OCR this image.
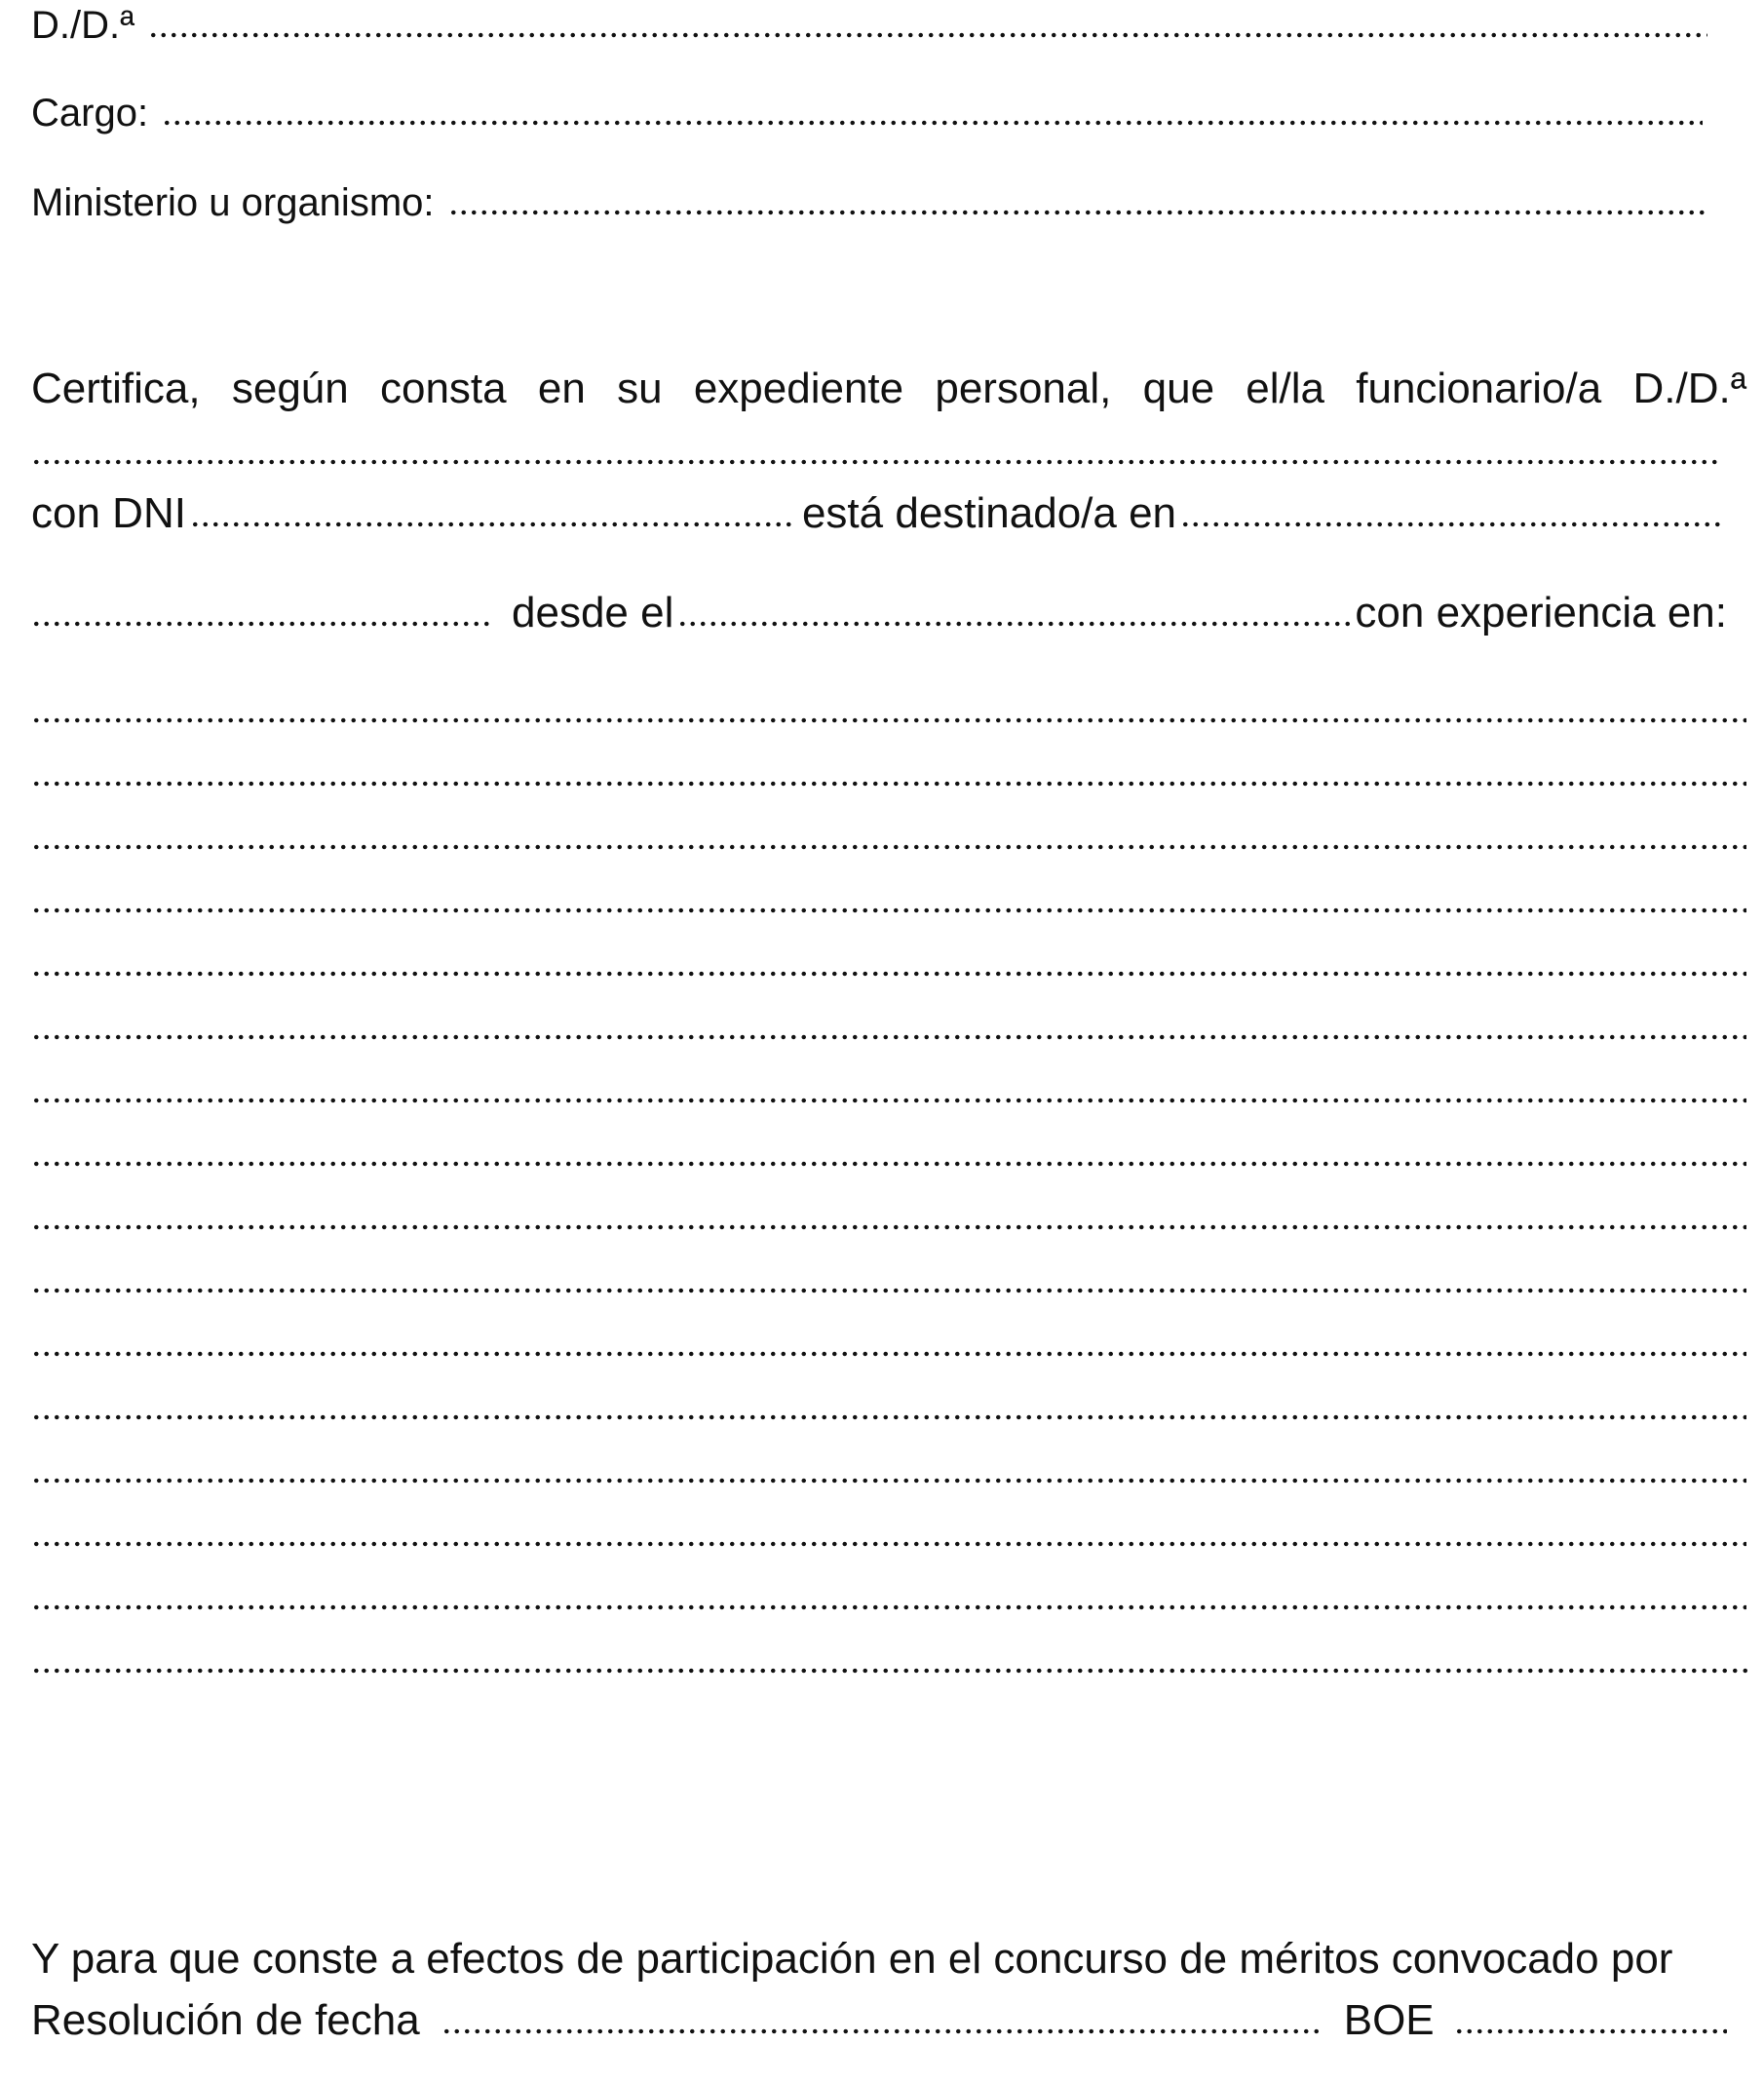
D./D.ª
Cargo:
Ministerio u organismo:
Certifica, según consta en su expediente personal, que el/la funcionario/a D./D.ª
con DNI	está destinado/a en
desde el	con experiencia en:
Y para que conste a efectos de participación en el concurso de méritos convocado por
Resolución de fecha	BOE
